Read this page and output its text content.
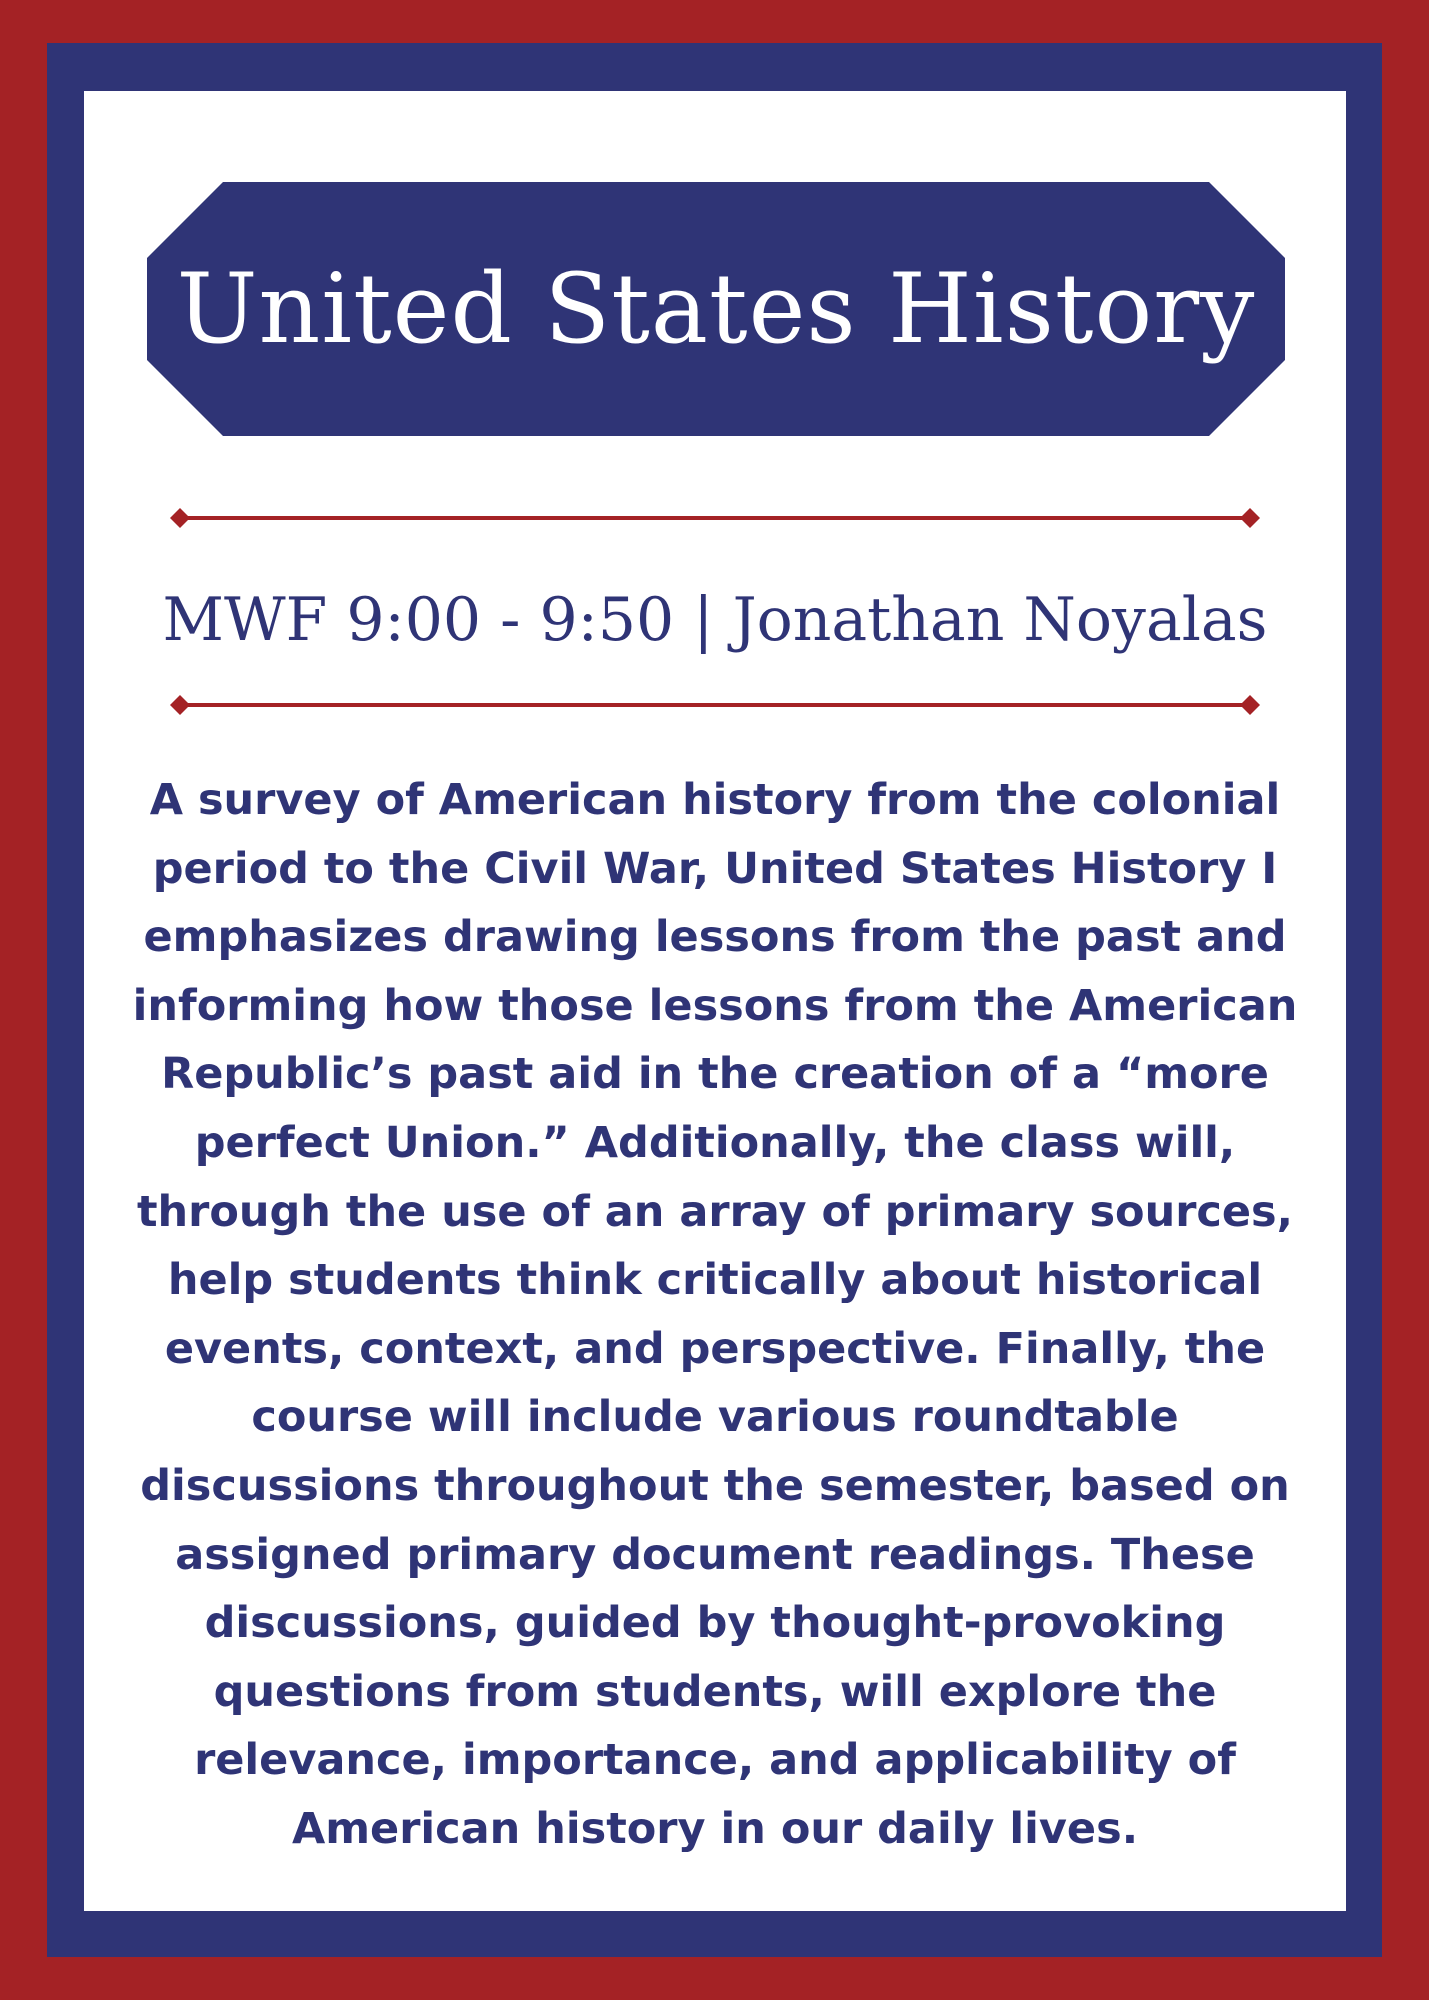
United States History
MWF 9:00 - 9:50 | Jonathan Noyalas
A survey of American history from the colonial period to the Civil War, United States History I emphasizes drawing lessons from the past and informing how those lessons from the American Republic’s past aid in the creation of a “more perfect Union.” Additionally, the class will, through the use of an array of primary sources, help students think critically about historical events, context, and perspective. Finally, the course will include various roundtable discussions throughout the semester, based on assigned primary document readings. These discussions, guided by thought-provoking questions from students, will explore the relevance, importance, and applicability of American history in our daily lives.
